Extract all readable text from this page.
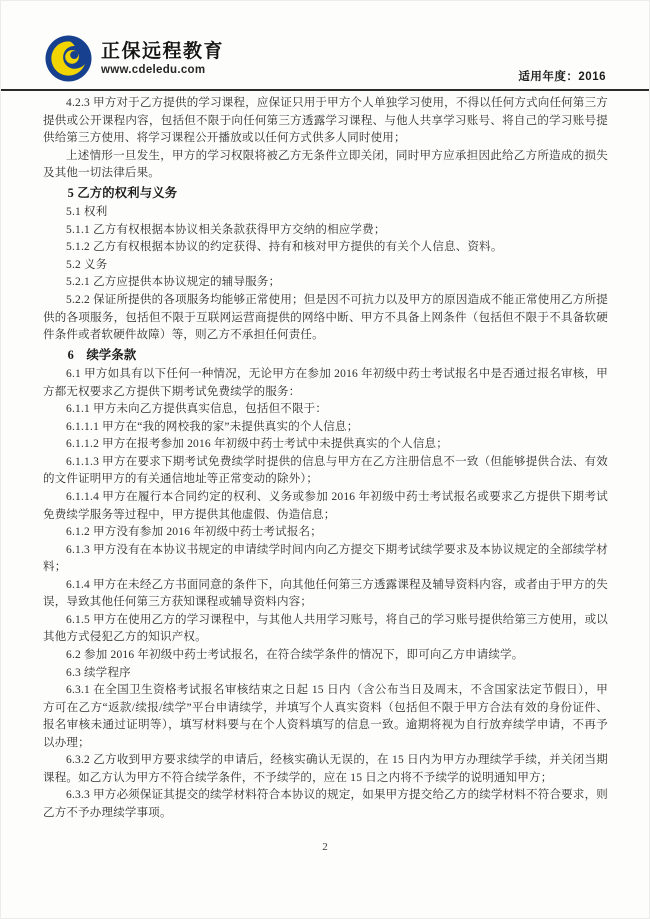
正保远程教育
www.cdeledu.com
适用年度：2016

4.2.3 甲方对于乙方提供的学习课程，应保证只用于甲方个人单独学习使用，不得以任何方式向任何第三方提供或公开课程内容，包括但不限于向任何第三方透露学习课程、与他人共享学习账号、将自己的学习账号提供给第三方使用、将学习课程公开播放或以任何方式供多人同时使用；

上述情形一旦发生，甲方的学习权限将被乙方无条件立即关闭，同时甲方应承担因此给乙方所造成的损失及其他一切法律后果。

5 乙方的权利与义务

5.1 权利

5.1.1 乙方有权根据本协议相关条款获得甲方交纳的相应学费；

5.1.2 乙方有权根据本协议的约定获得、持有和核对甲方提供的有关个人信息、资料。

5.2 义务

5.2.1 乙方应提供本协议规定的辅导服务；

5.2.2 保证所提供的各项服务均能够正常使用；但是因不可抗力以及甲方的原因造成不能正常使用乙方所提供的各项服务，包括但不限于互联网运营商提供的网络中断、甲方不具备上网条件（包括但不限于不具备软硬件条件或者软硬件故障）等，则乙方不承担任何责任。

6　续学条款

6.1 甲方如具有以下任何一种情况，无论甲方在参加 2016 年初级中药士考试报名中是否通过报名审核，甲方都无权要求乙方提供下期考试免费续学的服务：

6.1.1 甲方未向乙方提供真实信息，包括但不限于：

6.1.1.1 甲方在“我的网校我的家”未提供真实的个人信息；

6.1.1.2 甲方在报考参加 2016 年初级中药士考试中未提供真实的个人信息；

6.1.1.3 甲方在要求下期考试免费续学时提供的信息与甲方在乙方注册信息不一致（但能够提供合法、有效的文件证明甲方的有关通信地址等正常变动的除外）；

6.1.1.4 甲方在履行本合同约定的权利、义务或参加 2016 年初级中药士考试报名或要求乙方提供下期考试免费续学服务等过程中，甲方提供其他虚假、伪造信息；

6.1.2 甲方没有参加 2016 年初级中药士考试报名；

6.1.3 甲方没有在本协议书规定的申请续学时间内向乙方提交下期考试续学要求及本协议规定的全部续学材料；

6.1.4 甲方在未经乙方书面同意的条件下，向其他任何第三方透露课程及辅导资料内容，或者由于甲方的失误，导致其他任何第三方获知课程或辅导资料内容；

6.1.5 甲方在使用乙方的学习课程中，与其他人共用学习账号，将自己的学习账号提供给第三方使用，或以其他方式侵犯乙方的知识产权。

6.2 参加 2016 年初级中药士考试报名，在符合续学条件的情况下，即可向乙方申请续学。

6.3 续学程序

6.3.1 在全国卫生资格考试报名审核结束之日起 15 日内（含公布当日及周末，不含国家法定节假日），甲方可在乙方“返款/续报/续学”平台申请续学，并填写个人真实资料（包括但不限于甲方合法有效的身份证件、报名审核未通过证明等），填写材料要与在个人资料填写的信息一致。逾期将视为自行放弃续学申请，不再予以办理；

6.3.2 乙方收到甲方要求续学的申请后，经核实确认无误的，在 15 日内为甲方办理续学手续，并关闭当期课程。如乙方认为甲方不符合续学条件，不予续学的，应在 15 日之内将不予续学的说明通知甲方；

6.3.3 甲方必须保证其提交的续学材料符合本协议的规定，如果甲方提交给乙方的续学材料不符合要求，则乙方不予办理续学事项。

2
